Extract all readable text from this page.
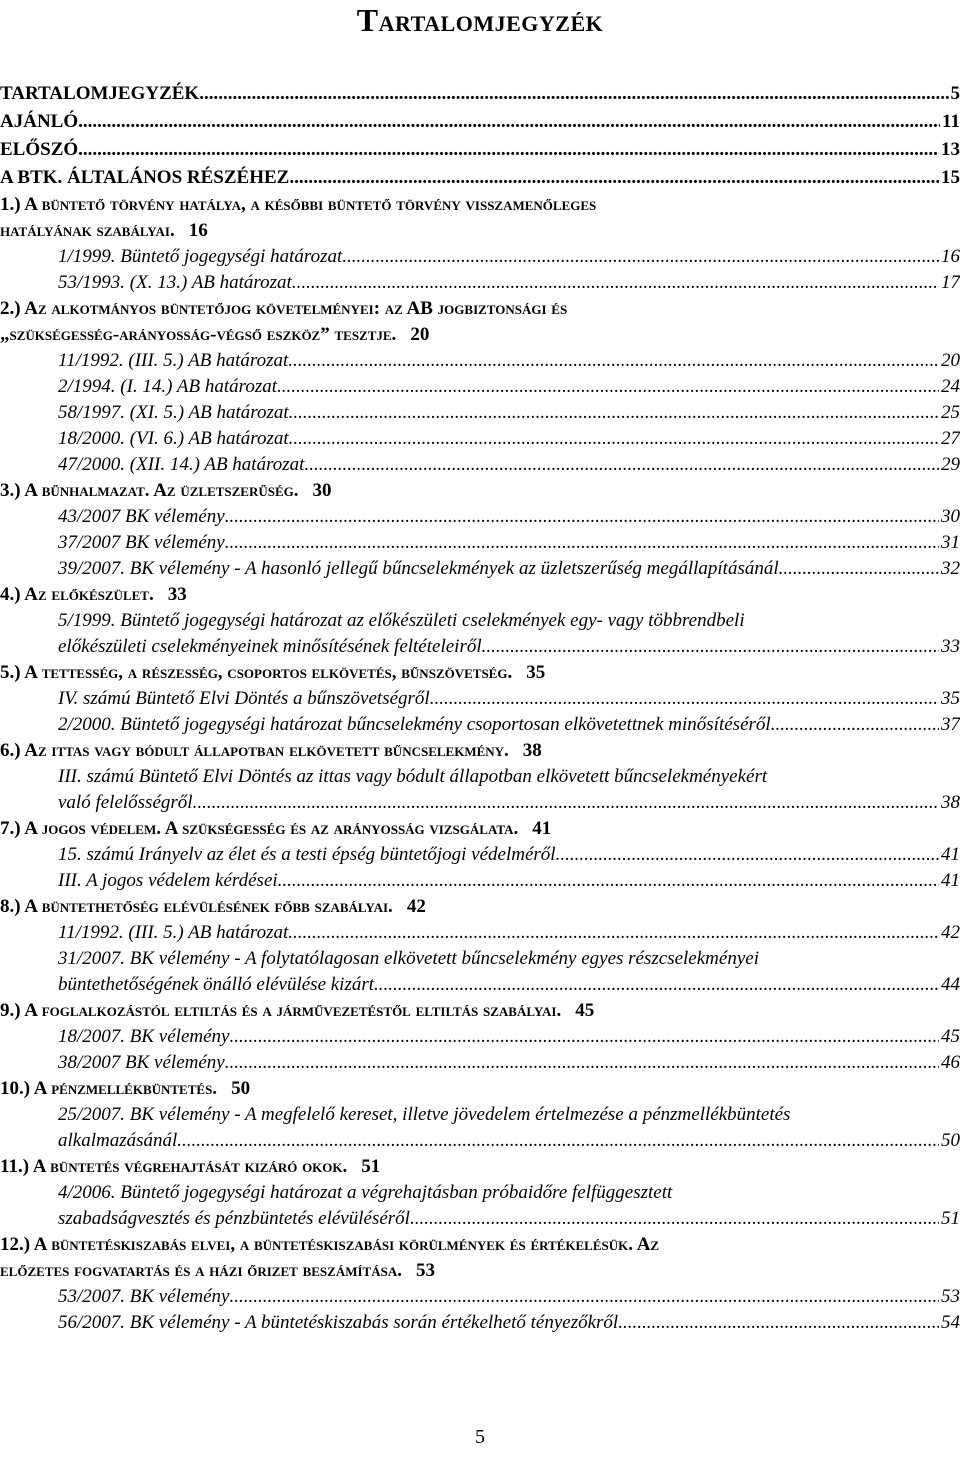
Tartalomjegyzék
TARTALOMJEGYZÉK .....	5
AJÁNLÓ .....	11
ELŐSZÓ .....	13
A BTK. ÁLTALÁNOS RÉSZÉHEZ .....	15
1.) A büntető törvény hatálya, a későbbi büntető törvény visszamenőleges
hatályának szabályai. 16
1/1999. Büntető jogegységi határozat .....	16
53/1993. (X. 13.) AB határozat .....	17
2.) Az alkotmányos büntetőjog követelményei: az AB jogbiztonsági és
„szükségesség-arányosság-végső eszköz” tesztje. 20
11/1992. (III. 5.) AB határozat .....	20
2/1994. (I. 14.) AB határozat .....	24
58/1997. (XI. 5.) AB határozat .....	25
18/2000. (VI. 6.) AB határozat .....	27
47/2000. (XII. 14.) AB határozat .....	29
3.) A bűnhalmazat. Az üzletszerűség. 30
43/2007 BK vélemény .....	30
37/2007 BK vélemény .....	31
39/2007. BK vélemény - A hasonló jellegű bűncselekmények az üzletszerűség megállapításánál .....	32
4.) Az előkészület. 33
5/1999. Büntető jogegységi határozat az előkészületi cselekmények egy- vagy többrendbeli
előkészületi cselekményeinek minősítésének feltételeiről .....	33
5.) A tettesség, a részesség, csoportos elkövetés, bűnszövetség. 35
IV. számú Büntető Elvi Döntés a bűnszövetségről .....	35
2/2000. Büntető jogegységi határozat bűncselekmény csoportosan elkövetettnek minősítéséről .....	37
6.) Az ittas vagy bódult állapotban elkövetett bűncselekmény. 38
III. számú Büntető Elvi Döntés az ittas vagy bódult állapotban elkövetett bűncselekményekért
való felelősségről .....	38
7.) A jogos védelem. A szükségesség és az arányosság vizsgálata. 41
15. számú Irányelv az élet és a testi épség büntetőjogi védelméről .....	41
III. A jogos védelem kérdései .....	41
8.) A büntethetőség elévülésének főbb szabályai. 42
11/1992. (III. 5.) AB határozat .....	42
31/2007. BK vélemény - A folytatólagosan elkövetett bűncselekmény egyes részcselekményei
büntethetőségének önálló elévülése kizárt. .....	44
9.) A foglalkozástól eltiltás és a járművezetéstől eltiltás szabályai. 45
18/2007. BK vélemény .....	45
38/2007 BK vélemény .....	46
10.) A pénzmellékbüntetés. 50
25/2007. BK vélemény - A megfelelő kereset, illetve jövedelem értelmezése a pénzmellékbüntetés
alkalmazásánál .....	50
11.) A büntetés végrehajtását kizáró okok. 51
4/2006. Büntető jogegységi határozat a végrehajtásban próbaidőre felfüggesztett
szabadságvesztés és pénzbüntetés elévüléséről .....	51
12.) A büntetéskiszabás elvei, a büntetéskiszabási körülmények és értékelésük. Az
előzetes fogvatartás és a házi őrizet beszámítása. 53
53/2007. BK vélemény .....	53
56/2007. BK vélemény - A büntetéskiszabás során értékelhető tényezőkről .....	54
5
